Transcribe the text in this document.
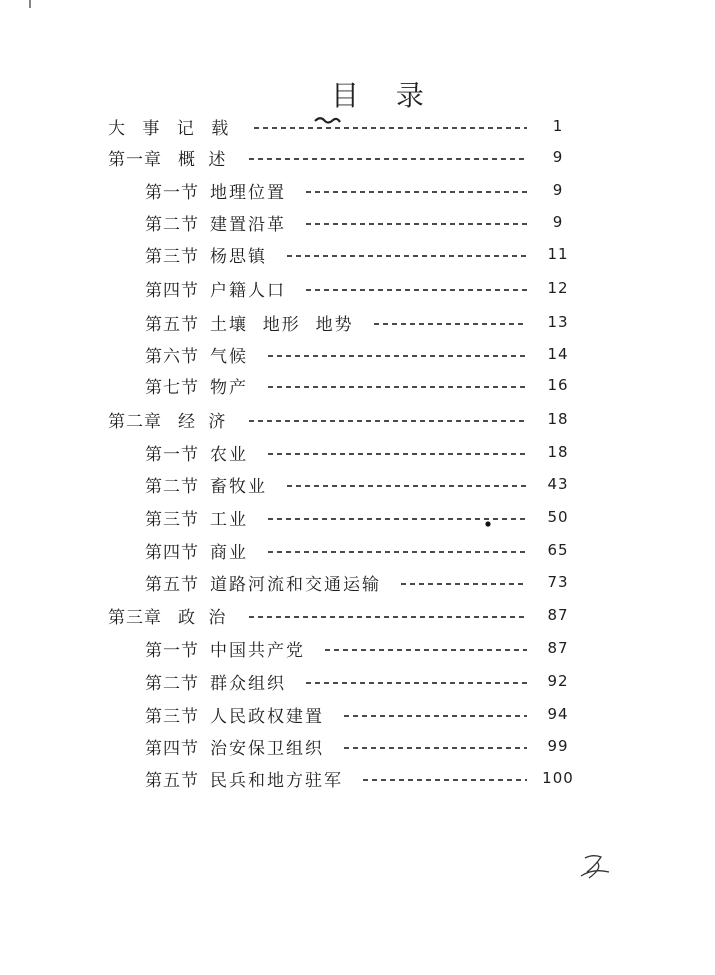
目 录
大 事 记 载	1
第一章 概 述	9
第一节 地理位置	9
第二节 建置沿革	9
第三节 杨思镇	11
第四节 户籍人口	12
第五节 土壤  地形  地势	13
第六节 气候	14
第七节 物产	16
第二章 经 济	18
第一节 农业	18
第二节 畜牧业	43
第三节 工业	50
第四节 商业	65
第五节 道路河流和交通运输	73
第三章 政 治	87
第一节 中国共产党	87
第二节 群众组织	92
第三节 人民政权建置	94
第四节 治安保卫组织	99
第五节 民兵和地方驻军	100
